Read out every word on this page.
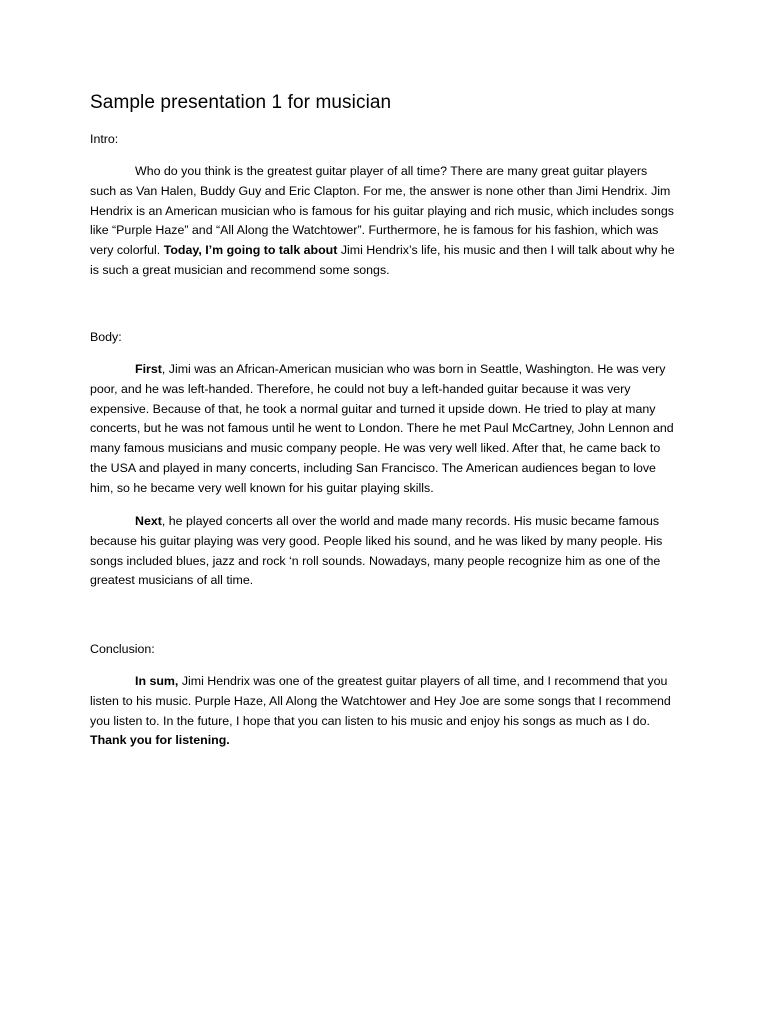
Sample presentation 1 for musician

Intro:

Who do you think is the greatest guitar player of all time? There are many great guitar players such as Van Halen, Buddy Guy and Eric Clapton. For me, the answer is none other than Jimi Hendrix. Jim Hendrix is an American musician who is famous for his guitar playing and rich music, which includes songs like “Purple Haze” and “All Along the Watchtower”. Furthermore, he is famous for his fashion, which was very colorful. Today, I’m going to talk about Jimi Hendrix’s life, his music and then I will talk about why he is such a great musician and recommend some songs.

Body:

First, Jimi was an African-American musician who was born in Seattle, Washington. He was very poor, and he was left-handed. Therefore, he could not buy a left-handed guitar because it was very expensive. Because of that, he took a normal guitar and turned it upside down. He tried to play at many concerts, but he was not famous until he went to London. There he met Paul McCartney, John Lennon and many famous musicians and music company people. He was very well liked. After that, he came back to the USA and played in many concerts, including San Francisco. The American audiences began to love him, so he became very well known for his guitar playing skills.

Next, he played concerts all over the world and made many records. His music became famous because his guitar playing was very good. People liked his sound, and he was liked by many people. His songs included blues, jazz and rock ‘n roll sounds. Nowadays, many people recognize him as one of the greatest musicians of all time.

Conclusion:

In sum, Jimi Hendrix was one of the greatest guitar players of all time, and I recommend that you listen to his music. Purple Haze, All Along the Watchtower and Hey Joe are some songs that I recommend you listen to. In the future, I hope that you can listen to his music and enjoy his songs as much as I do. Thank you for listening.
